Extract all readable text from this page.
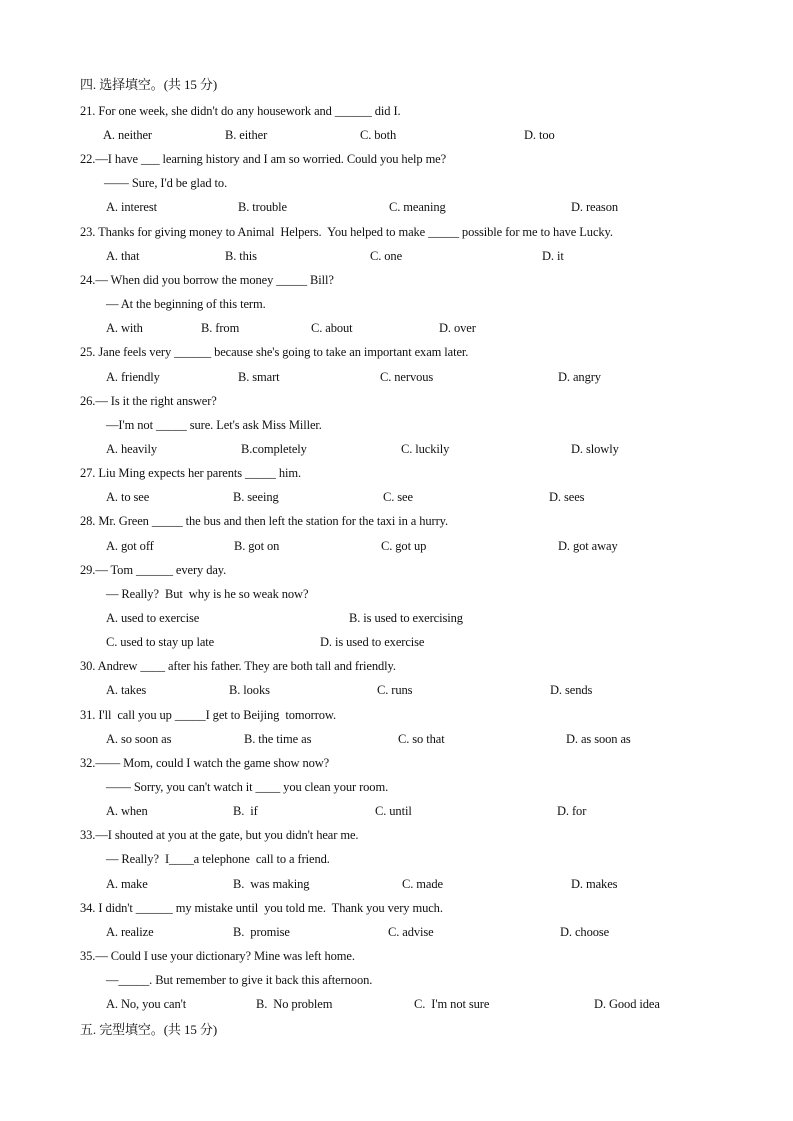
四. 选择填空。(共 15 分)
21. For one week, she didn't do any housework and ______ did I.
A. neither	B. either	C. both	D. too
22.—I have ___ learning history and I am so worried. Could you help me?
—— Sure, I'd be glad to.
A. interest	B. trouble	C. meaning	D. reason
23. Thanks for giving money to Animal  Helpers.  You helped to make _____ possible for me to have Lucky.
A. that	B. this	C. one	D. it
24.— When did you borrow the money _____ Bill?
— At the beginning of this term.
A. with	B. from	C. about	D. over
25. Jane feels very ______ because she's going to take an important exam later.
A. friendly	B. smart	C. nervous	D. angry
26.— Is it the right answer?
—I'm not _____ sure. Let's ask Miss Miller.
A. heavily	B.completely	C. luckily	D. slowly
27. Liu Ming expects her parents _____ him.
A. to see	B. seeing	C. see	D. sees
28. Mr. Green _____ the bus and then left the station for the taxi in a hurry.
A. got off	B. got on	C. got up	D. got away
29.— Tom ______ every day.
— Really?  But  why is he so weak now?
A. used to exercise	B. is used to exercising
C. used to stay up late	D. is used to exercise
30. Andrew ____ after his father. They are both tall and friendly.
A. takes	B. looks	C. runs	D. sends
31. I'll  call you up _____I get to Beijing  tomorrow.
A. so soon as	B. the time as	C. so that	D. as soon as
32.—— Mom, could I watch the game show now?
—— Sorry, you can't watch it ____ you clean your room.
A. when	B.  if	C. until	D. for
33.—I shouted at you at the gate, but you didn't hear me.
— Really?  I____a telephone  call to a friend.
A. make	B.  was making	C. made	D. makes
34. I didn't ______ my mistake until  you told me.  Thank you very much.
A. realize	B.  promise	C. advise	D. choose
35.— Could I use your dictionary? Mine was left home.
—_____. But remember to give it back this afternoon.
A. No, you can't	B.  No problem	C.  I'm not sure	D. Good idea
五. 完型填空。(共 15 分)
